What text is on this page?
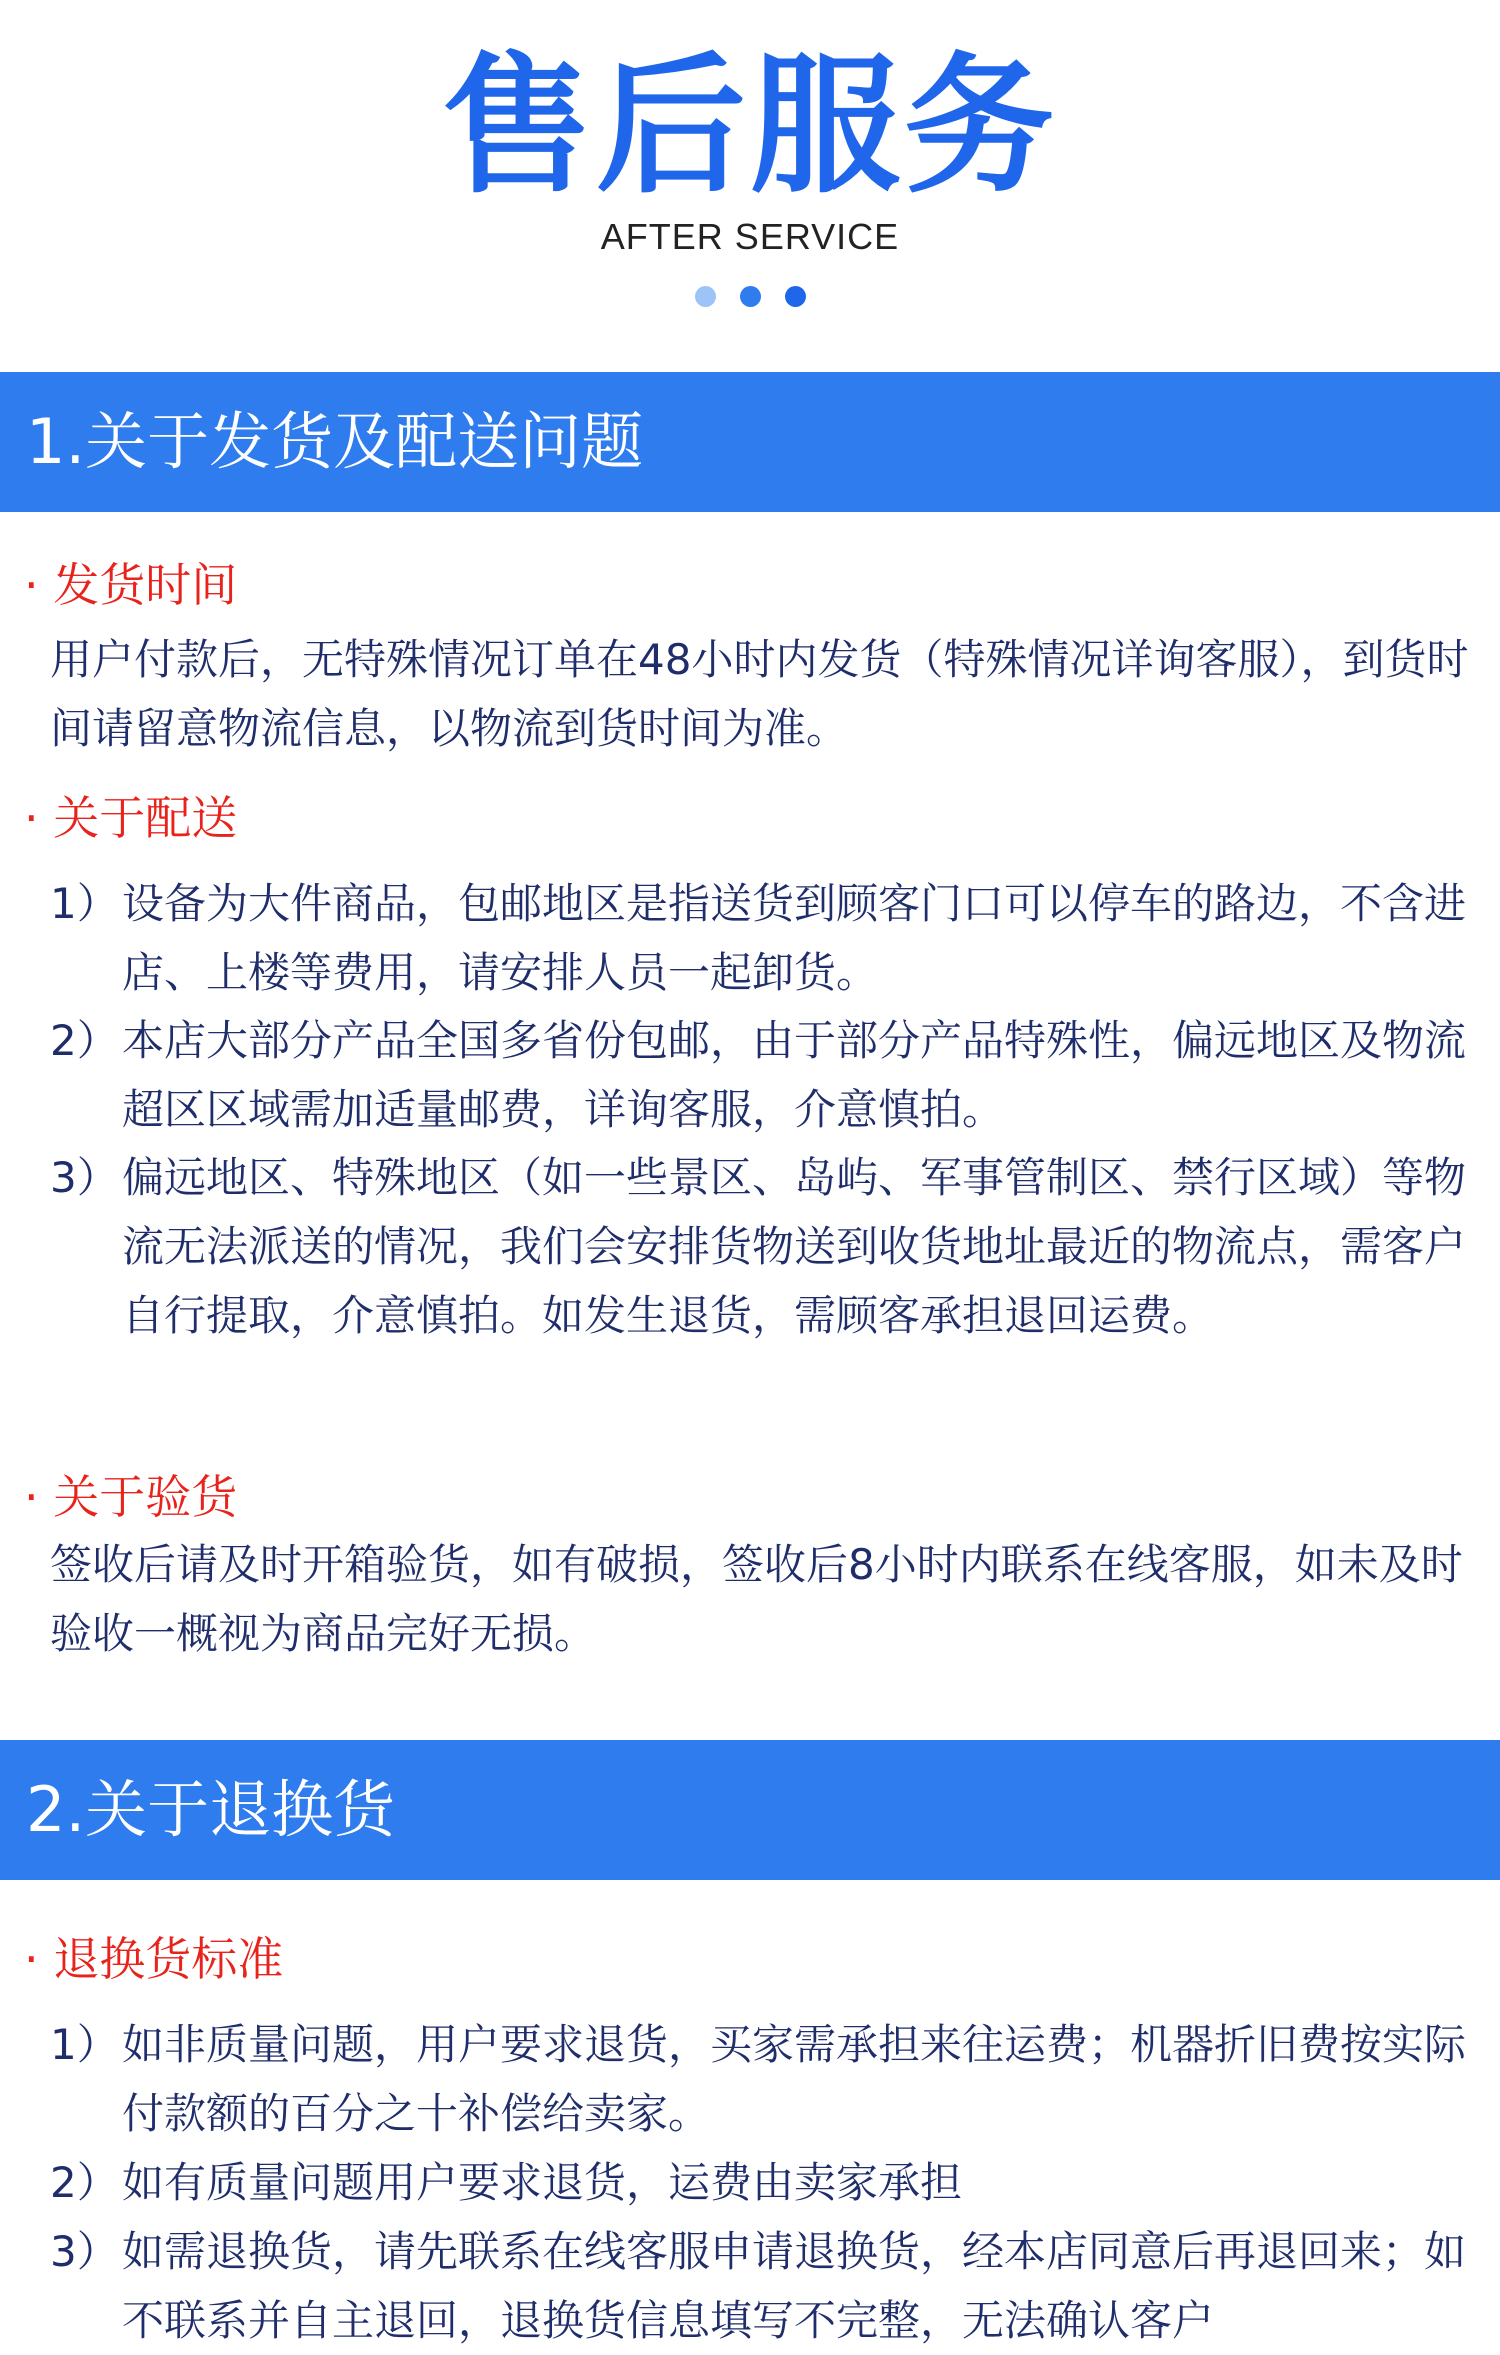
售后服务
AFTER SERVICE
1.关于发货及配送问题
· 发货时间
用户付款后，无特殊情况订单在48小时内发货（特殊情况详询客服），到货时间请留意物流信息，以物流到货时间为准。
· 关于配送
1） 设备为大件商品，包邮地区是指送货到顾客门口可以停车的路边，不含进店、上楼等费用，请安排人员一起卸货。
2） 本店大部分产品全国多省份包邮，由于部分产品特殊性，偏远地区及物流超区区域需加适量邮费，详询客服，介意慎拍。
3） 偏远地区、特殊地区（如一些景区、岛屿、军事管制区、禁行区域）等物流无法派送的情况，我们会安排货物送到收货地址最近的物流点，需客户自行提取，介意慎拍。如发生退货，需顾客承担退回运费。
· 关于验货
签收后请及时开箱验货，如有破损，签收后8小时内联系在线客服，如未及时验收一概视为商品完好无损。
2.关于退换货
· 退换货标准
1） 如非质量问题，用户要求退货，买家需承担来往运费；机器折旧费按实际付款额的百分之十补偿给卖家。
2） 如有质量问题用户要求退货，运费由卖家承担
3） 如需退换货，请先联系在线客服申请退换货，经本店同意后再退回来；如不联系并自主退回，退换货信息填写不完整，无法确认客户
